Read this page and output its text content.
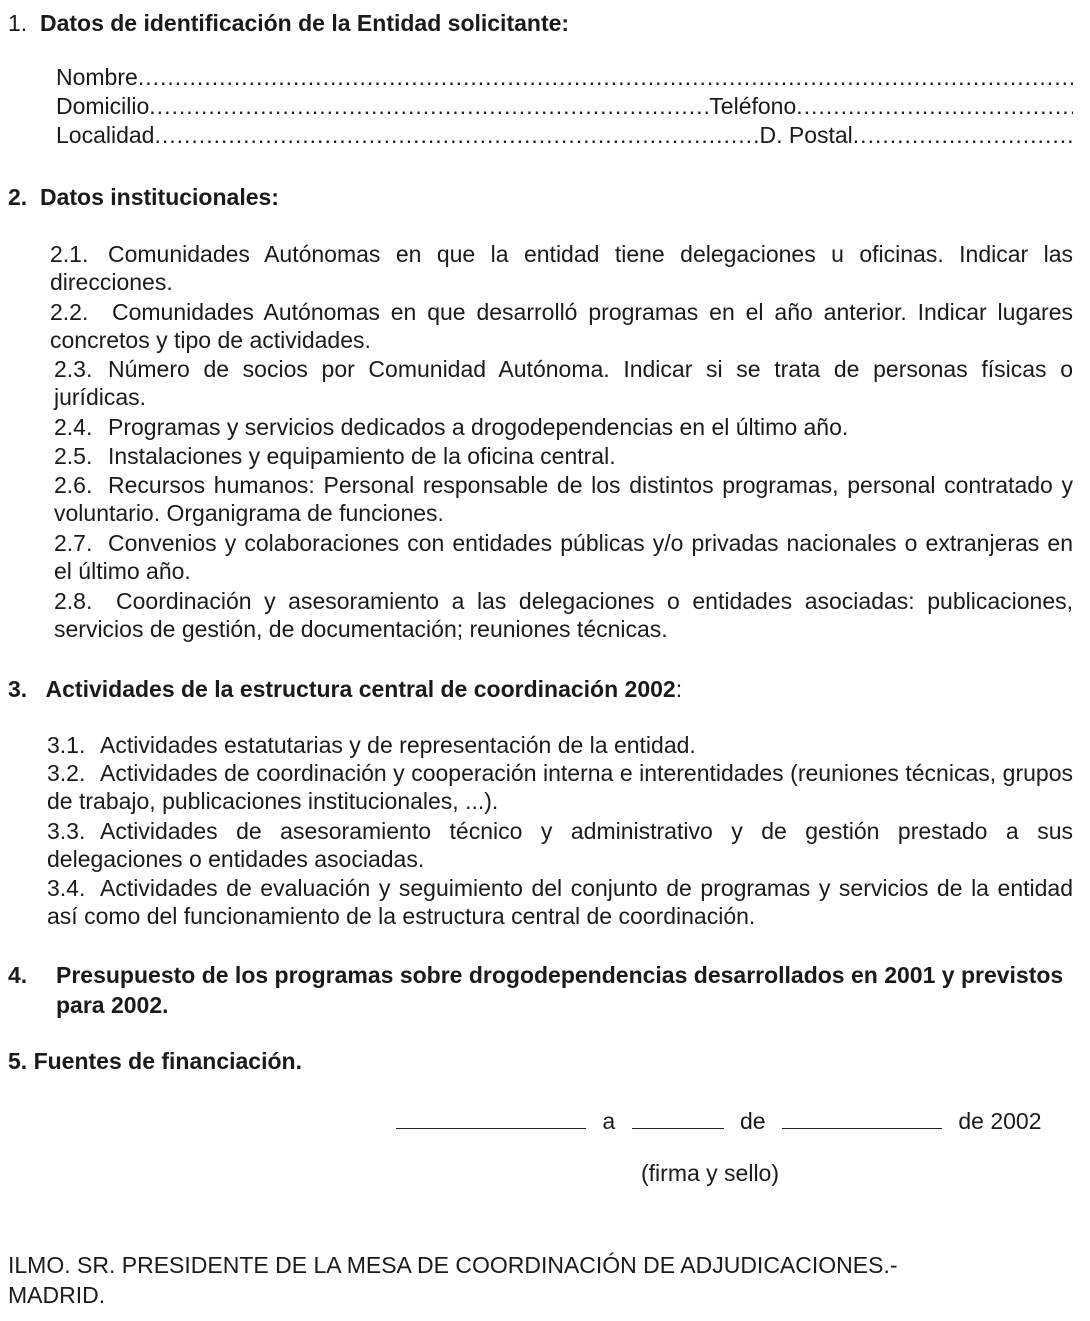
1. Datos de identificación de la Entidad solicitante:
Nombre
.....
Domicilio .....	Teléfono
.....
Localidad .....	D. Postal
.....
2. Datos institucionales:
2.1. Comunidades Autónomas en que la entidad tiene delegaciones u oficinas. Indicar las direcciones.
2.2.	Comunidades Autónomas en que desarrolló programas en el año anterior. Indicar lugares concretos y tipo de actividades.
2.3. Número de socios por Comunidad Autónoma. Indicar si se trata de personas físicas o jurídicas.
2.4. Programas y servicios dedicados a drogodependencias en el último año.
2.5. Instalaciones y equipamiento de la oficina central.
2.6. Recursos humanos: Personal responsable de los distintos programas, personal contratado y voluntario. Organigrama de funciones.
2.7. Convenios y colaboraciones con entidades públicas y/o privadas nacionales o extranjeras en el último año.
2.8.	Coordinación y asesoramiento a las delegaciones o entidades asociadas: publicaciones, servicios de gestión, de documentación; reuniones técnicas.
3. Actividades de la estructura central de coordinación 2002:
3.1. Actividades estatutarias y de representación de la entidad.
3.2. Actividades de coordinación y cooperación interna e interentidades (reuniones técnicas, grupos de trabajo, publicaciones institucionales, ...).
3.3. Actividades de asesoramiento técnico y administrativo y de gestión prestado a sus delegaciones o entidades asociadas.
3.4. Actividades de evaluación y seguimiento del conjunto de programas y servicios de la entidad así como del funcionamiento de la estructura central de coordinación.
4.	Presupuesto de los programas sobre drogodependencias desarrollados en 2001 y previstos para 2002.
5. Fuentes de financiación.
a	de	de 2002
(firma y sello)
ILMO. SR. PRESIDENTE DE LA MESA DE COORDINACIÓN DE ADJUDICACIONES.-
MADRID.
